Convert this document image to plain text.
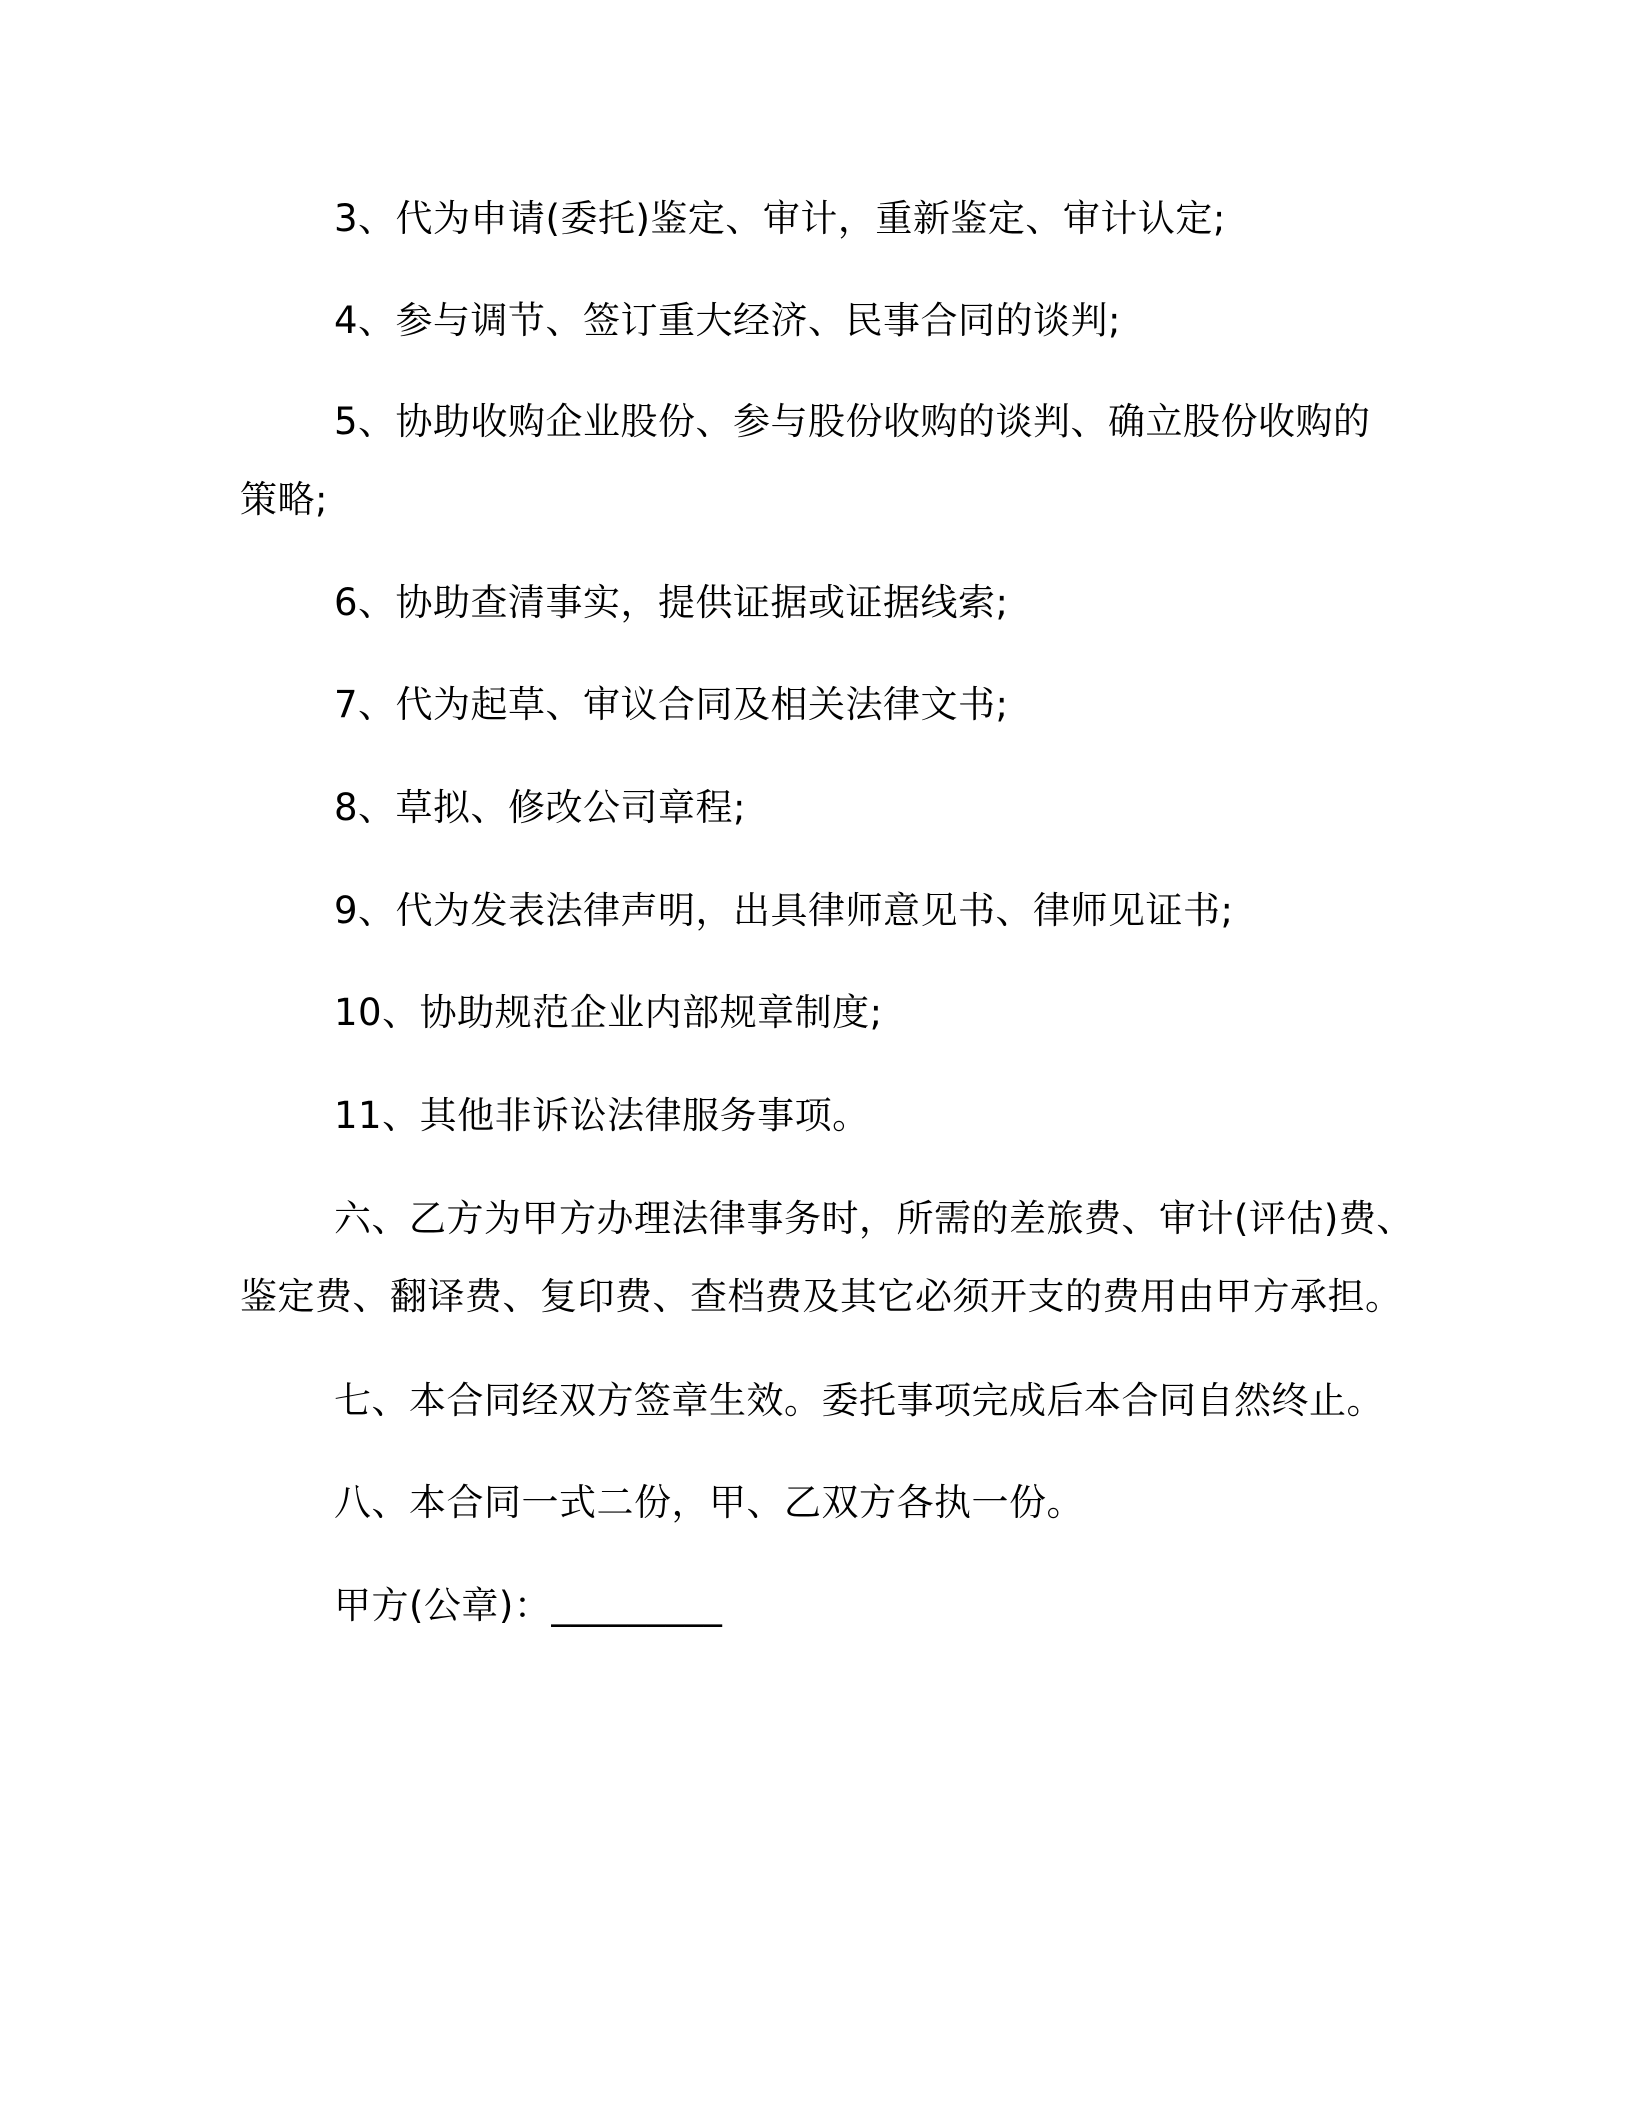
3、代为申请(委托)鉴定、审计，重新鉴定、审计认定;
4、参与调节、签订重大经济、民事合同的谈判;
5、协助收购企业股份、参与股份收购的谈判、确立股份收购的
策略;
6、协助查清事实，提供证据或证据线索;
7、代为起草、审议合同及相关法律文书;
8、草拟、修改公司章程;
9、代为发表法律声明，出具律师意见书、律师见证书;
10、协助规范企业内部规章制度;
11、其他非诉讼法律服务事项。
六、乙方为甲方办理法律事务时，所需的差旅费、审计(评估)费、
鉴定费、翻译费、复印费、查档费及其它必须开支的费用由甲方承担。
七、本合同经双方签章生效。委托事项完成后本合同自然终止。
八、本合同一式二份，甲、乙双方各执一份。
甲方(公章)：_________
